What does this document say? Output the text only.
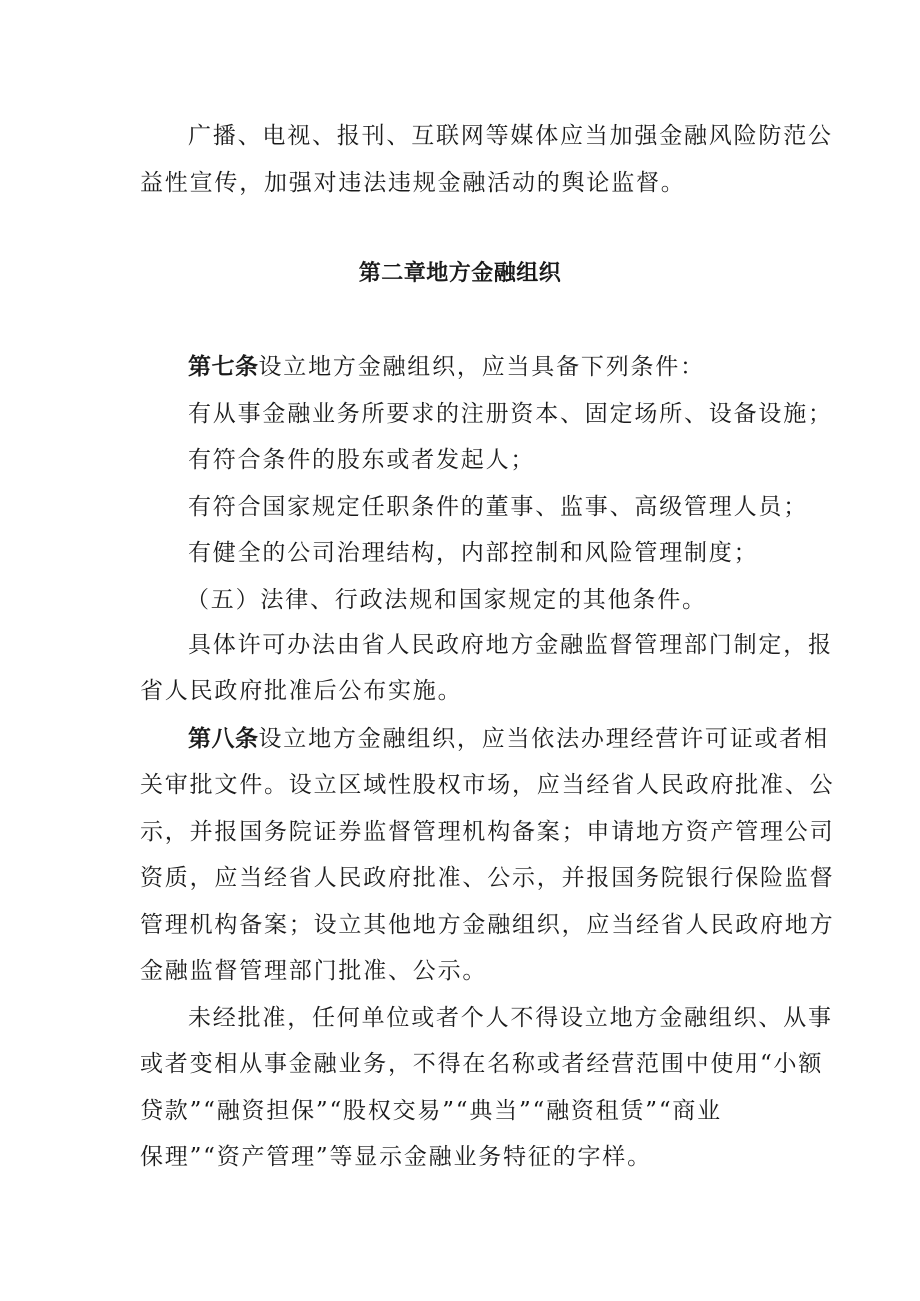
广播、电视、报刊、互联网等媒体应当加强金融风险防范公
益性宣传，加强对违法违规金融活动的舆论监督。
第二章地方金融组织
第七条设立地方金融组织，应当具备下列条件：
有从事金融业务所要求的注册资本、固定场所、设备设施；
有符合条件的股东或者发起人；
有符合国家规定任职条件的董事、监事、高级管理人员；
有健全的公司治理结构，内部控制和风险管理制度；
（五）法律、行政法规和国家规定的其他条件。
具体许可办法由省人民政府地方金融监督管理部门制定，报
省人民政府批准后公布实施。
第八条设立地方金融组织，应当依法办理经营许可证或者相
关审批文件。设立区域性股权市场，应当经省人民政府批准、公
示，并报国务院证券监督管理机构备案；申请地方资产管理公司
资质，应当经省人民政府批准、公示，并报国务院银行保险监督
管理机构备案；设立其他地方金融组织，应当经省人民政府地方
金融监督管理部门批准、公示。
未经批准，任何单位或者个人不得设立地方金融组织、从事
或者变相从事金融业务，不得在名称或者经营范围中使用“小额
贷款”“融资担保”“股权交易”“典当”“融资租赁”“商业
保理”“资产管理”等显示金融业务特征的字样。
